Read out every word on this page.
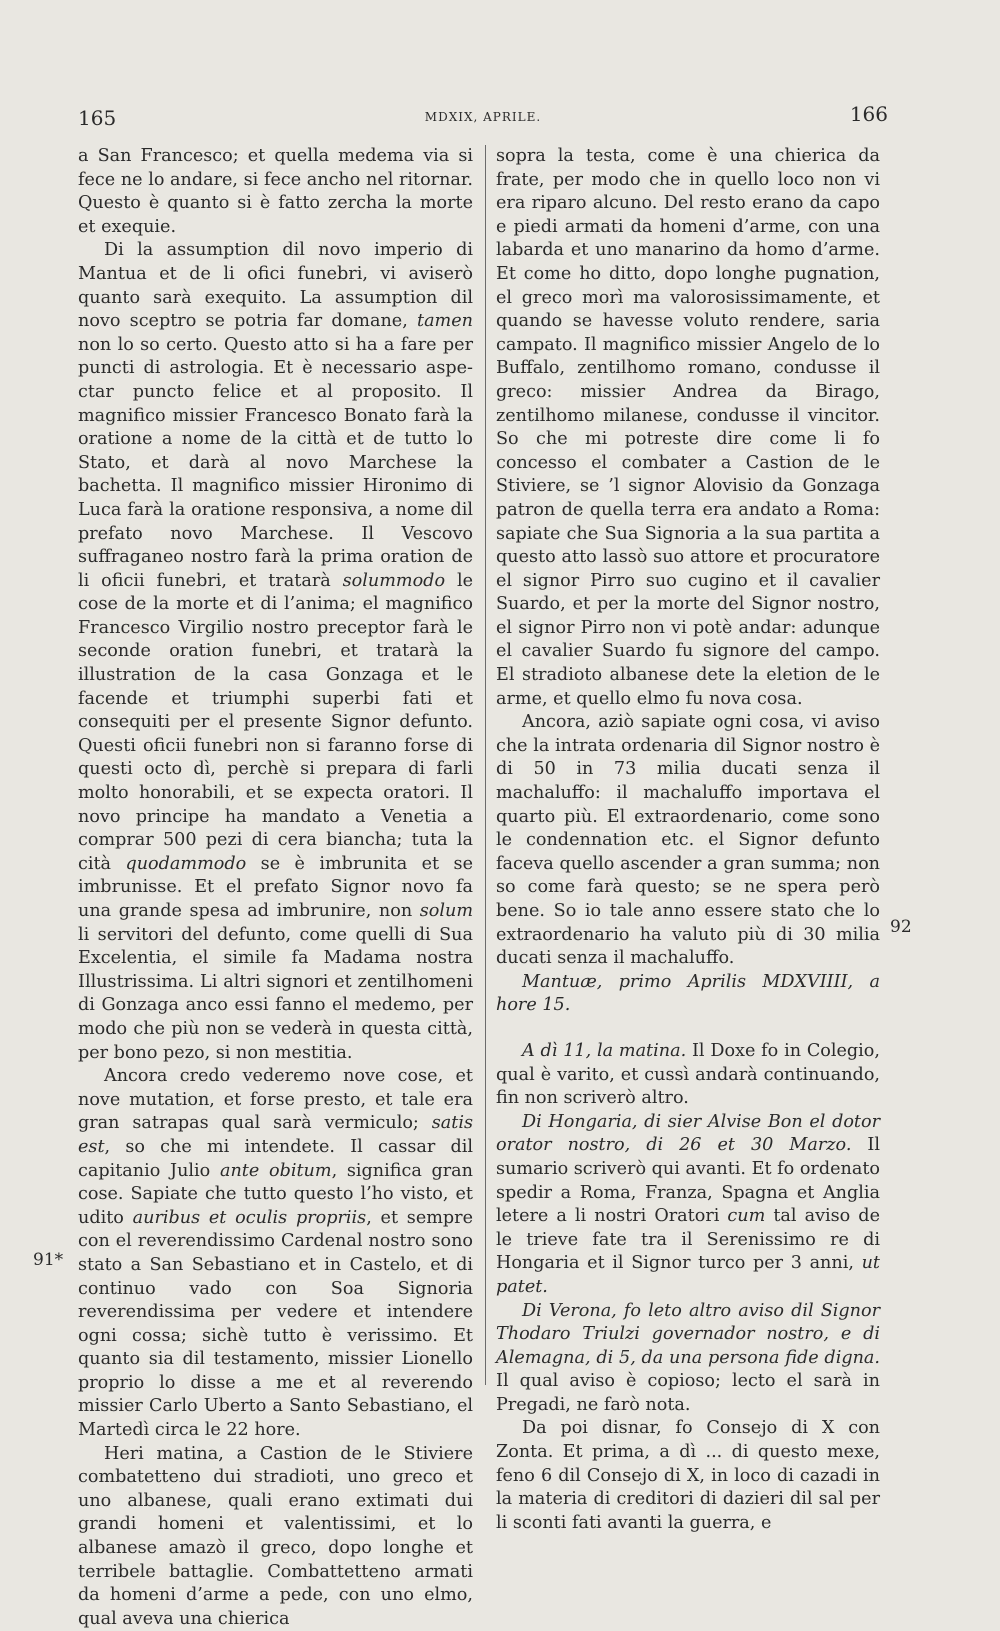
165	MDXIX, APRILE.	166
91*
92

a San Francesco; et quella medema via si fece ne lo andare, si fece ancho nel ritornar. Questo è quanto si è fatto zercha la morte et exequie.

Di la assumption dil novo imperio di Mantua et de li ofici funebri, vi aviserò quanto sarà exequito. La assumption dil novo sceptro se potria far domane, tamen non lo so certo. Questo atto si ha a fare per puncti di astrologia. Et è necessario aspe- ctar puncto felice et al proposito. Il magnifico missier Francesco Bonato farà la oratione a nome de la città et de tutto lo Stato, et darà al novo Marchese la bachetta. Il magnifico missier Hironimo di Luca farà la oratione responsiva, a nome dil prefato novo Marchese. Il Vescovo suffraganeo nostro farà la prima oration de li oficii funebri, et tratarà solummodo le cose de la morte et di l’anima; el magnifico Francesco Virgilio nostro preceptor farà le seconde oration funebri, et tratarà la illustration de la casa Gonzaga et le facende et triumphi superbi fati et consequiti per el presente Signor defunto. Questi oficii funebri non si faranno forse di questi octo dì, perchè si prepara di farli molto honorabili, et se expecta oratori. Il novo principe ha mandato a Venetia a comprar 500 pezi di cera biancha; tuta la cità quodammodo se è imbrunita et se imbrunisse. Et el prefato Signor novo fa una grande spesa ad imbrunire, non solum li servitori del defunto, come quelli di Sua Excelentia, el simile fa Madama nostra Illustrissima. Li altri signori et zentilhomeni di Gonzaga anco essi fanno el medemo, per modo che più non se vederà in questa città, per bono pezo, si non mestitia.

Ancora credo vederemo nove cose, et nove mutation, et forse presto, et tale era gran satrapas qual sarà vermiculo; satis est, so che mi intendete. Il cassar dil capitanio Julio ante obitum, significa gran cose. Sapiate che tutto questo l’ho visto, et udito auribus et oculis propriis, et sempre con el reverendissimo Cardenal nostro sono stato a San Sebastiano et in Castelo, et di continuo vado con Soa Signoria reverendissima per vedere et intendere ogni cossa; sichè tutto è verissimo. Et quanto sia dil testamento, missier Lionello proprio lo disse a me et al reverendo missier Carlo Uberto a Santo Sebastiano, el Martedì circa le 22 hore.

Heri matina, a Castion de le Stiviere combatetteno dui stradioti, uno greco et uno albanese, quali erano extimati dui grandi homeni et valentissimi, et lo albanese amazò il greco, dopo longhe et terribele battaglie. Combattetteno armati da homeni d’arme a pede, con uno elmo, qual aveva una chierica

sopra la testa, come è una chierica da frate, per modo che in quello loco non vi era riparo alcuno. Del resto erano da capo e piedi armati da homeni d’arme, con una labarda et uno manarino da homo d’arme. Et come ho ditto, dopo longhe pugnation, el greco morì ma valorosissimamente, et quando se havesse voluto rendere, saria campato. Il magnifico missier Angelo de lo Buffalo, zentilhomo romano, condusse il greco: missier Andrea da Birago, zentilhomo milanese, condusse il vincitor. So che mi potreste dire come li fo concesso el combater a Castion de le Stiviere, se ’l signor Alovisio da Gonzaga patron de quella terra era andato a Roma: sapiate che Sua Signoria a la sua partita a questo atto lassò suo attore et procuratore el signor Pirro suo cugino et il cavalier Suardo, et per la morte del Signor nostro, el signor Pirro non vi potè andar: adunque el cavalier Suardo fu signore del campo. El stradioto albanese dete la eletion de le arme, et quello elmo fu nova cosa.

Ancora, aziò sapiate ogni cosa, vi aviso che la intrata ordenaria dil Signor nostro è di 50 in 73 milia ducati senza il machaluffo: il machaluffo importava el quarto più. El extraordenario, come sono le condennation etc. el Signor defunto faceva quello ascender a gran summa; non so come farà questo; se ne spera però bene. So io tale anno essere stato che lo extraordenario ha valuto più di 30 milia ducati senza il machaluffo.

Mantuæ, primo Aprilis MDXVIIII, a hore 15.

A dì 11, la matina. Il Doxe fo in Colegio, qual è varito, et cussì andarà continuando, fin non scriverò altro.

Di Hongaria, di sier Alvise Bon el dotor orator nostro, di 26 et 30 Marzo. Il sumario scriverò qui avanti. Et fo ordenato spedir a Roma, Franza, Spagna et Anglia letere a li nostri Oratori cum tal aviso de le trieve fate tra il Serenissimo re di Hongaria et il Signor turco per 3 anni, ut patet.

Di Verona, fo leto altro aviso dil Signor Thodaro Triulzi governador nostro, e di Alemagna, di 5, da una persona fide digna. Il qual aviso è copioso; lecto el sarà in Pregadi, ne farò nota.

Da poi disnar, fo Consejo di X con Zonta. Et prima, a dì ... di questo mexe, feno 6 dil Consejo di X, in loco di cazadi in la materia di creditori di dazieri dil sal per li sconti fati avanti la guerra, e
